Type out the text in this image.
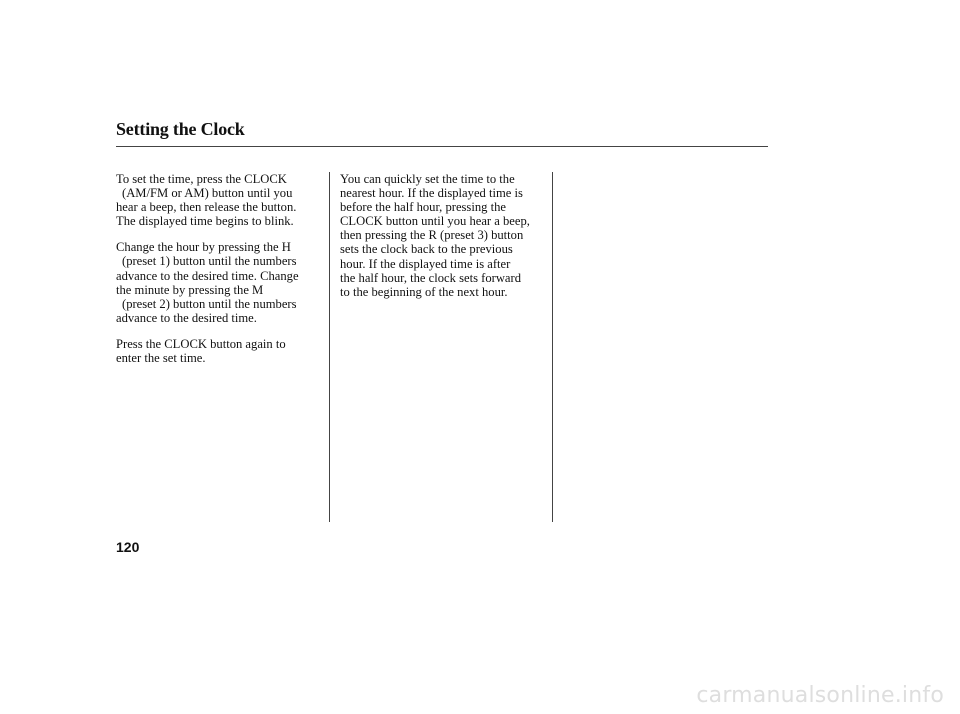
Setting the Clock

To set the time, press the CLOCK
(AM/FM or AM) button until you
hear a beep, then release the button.
The displayed time begins to blink.

Change the hour by pressing the H
(preset 1) button until the numbers
advance to the desired time. Change
the minute by pressing the M
(preset 2) button until the numbers
advance to the desired time.

Press the CLOCK button again to
enter the set time.

You can quickly set the time to the
nearest hour. If the displayed time is
before the half hour, pressing the
CLOCK button until you hear a beep,
then pressing the R (preset 3) button
sets the clock back to the previous
hour. If the displayed time is after
the half hour, the clock sets forward
to the beginning of the next hour.

120

carmanualsonline.info
